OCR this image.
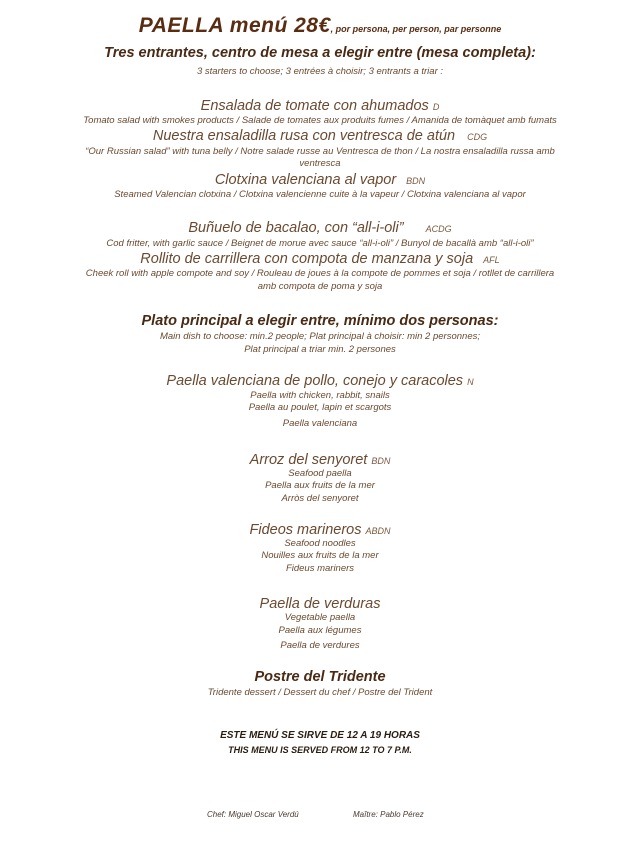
PAELLA menú 28€, por persona, per person, par personne
Tres entrantes, centro de mesa a elegir entre (mesa completa):
3 starters to choose; 3 entrées à choisir; 3 entrants a triar :
Ensalada de tomate con ahumados D
Tomato salad with smokes products / Salade de tomates aux produits fumes / Amanida de tomàquet amb fumats
Nuestra ensaladilla rusa con ventresca de atún CDG
“Our Russian salad” with tuna belly / Notre salade russe au Ventresca de thon / La nostra ensaladilla russa amb
ventresca
Clotxina valenciana al vapor BDN
Steamed Valencian clotxina / Clotxina valencienne cuite à la vapeur / Clotxina valenciana al vapor
Buñuelo de bacalao, con “all-i-oli” ACDG
Cod fritter, with garlic sauce / Beignet de morue avec sauce “all-i-oli” / Bunyol de bacallà amb “all-i-oli”
Rollito de carrillera con compota de manzana y soja AFL
Cheek roll with apple compote and soy / Rouleau de joues à la compote de pommes et soja / rotllet de carrillera
amb compota de poma y soja
Plato principal a elegir entre, mínimo dos personas:
Main dish to choose: min.2 people; Plat principal à choisir: min 2 personnes;
Plat principal a triar min. 2 persones
Paella valenciana de pollo, conejo y caracoles N
Paella with chicken, rabbit, snails
Paella au poulet, lapin et scargots
Paella valenciana
Arroz del senyoret BDN
Seafood paella
Paella aux fruits de la mer
Arròs del senyoret
Fideos marineros ABDN
Seafood noodles
Nouilles aux fruits de la mer
Fideus mariners
Paella de verduras
Vegetable paella
Paella aux légumes
Paella de verdures
Postre del Tridente
Tridente dessert / Dessert du chef / Postre del Trident
ESTE MENÚ SE SIRVE DE 12 A 19 HORAS
THIS MENU IS SERVED FROM 12 TO 7 P.M.
Chef: Miguel Oscar Verdú	Maître: Pablo Pérez
